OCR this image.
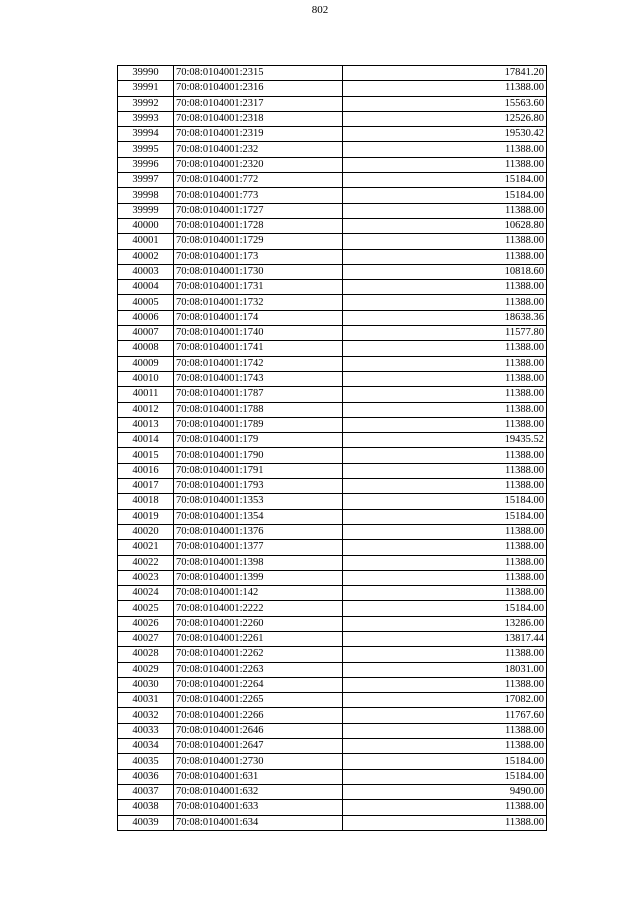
802
39990	70:08:0104001:2315	17841.20
39991	70:08:0104001:2316	11388.00
39992	70:08:0104001:2317	15563.60
39993	70:08:0104001:2318	12526.80
39994	70:08:0104001:2319	19530.42
39995	70:08:0104001:232	11388.00
39996	70:08:0104001:2320	11388.00
39997	70:08:0104001:772	15184.00
39998	70:08:0104001:773	15184.00
39999	70:08:0104001:1727	11388.00
40000	70:08:0104001:1728	10628.80
40001	70:08:0104001:1729	11388.00
40002	70:08:0104001:173	11388.00
40003	70:08:0104001:1730	10818.60
40004	70:08:0104001:1731	11388.00
40005	70:08:0104001:1732	11388.00
40006	70:08:0104001:174	18638.36
40007	70:08:0104001:1740	11577.80
40008	70:08:0104001:1741	11388.00
40009	70:08:0104001:1742	11388.00
40010	70:08:0104001:1743	11388.00
40011	70:08:0104001:1787	11388.00
40012	70:08:0104001:1788	11388.00
40013	70:08:0104001:1789	11388.00
40014	70:08:0104001:179	19435.52
40015	70:08:0104001:1790	11388.00
40016	70:08:0104001:1791	11388.00
40017	70:08:0104001:1793	11388.00
40018	70:08:0104001:1353	15184.00
40019	70:08:0104001:1354	15184.00
40020	70:08:0104001:1376	11388.00
40021	70:08:0104001:1377	11388.00
40022	70:08:0104001:1398	11388.00
40023	70:08:0104001:1399	11388.00
40024	70:08:0104001:142	11388.00
40025	70:08:0104001:2222	15184.00
40026	70:08:0104001:2260	13286.00
40027	70:08:0104001:2261	13817.44
40028	70:08:0104001:2262	11388.00
40029	70:08:0104001:2263	18031.00
40030	70:08:0104001:2264	11388.00
40031	70:08:0104001:2265	17082.00
40032	70:08:0104001:2266	11767.60
40033	70:08:0104001:2646	11388.00
40034	70:08:0104001:2647	11388.00
40035	70:08:0104001:2730	15184.00
40036	70:08:0104001:631	15184.00
40037	70:08:0104001:632	9490.00
40038	70:08:0104001:633	11388.00
40039	70:08:0104001:634	11388.00
